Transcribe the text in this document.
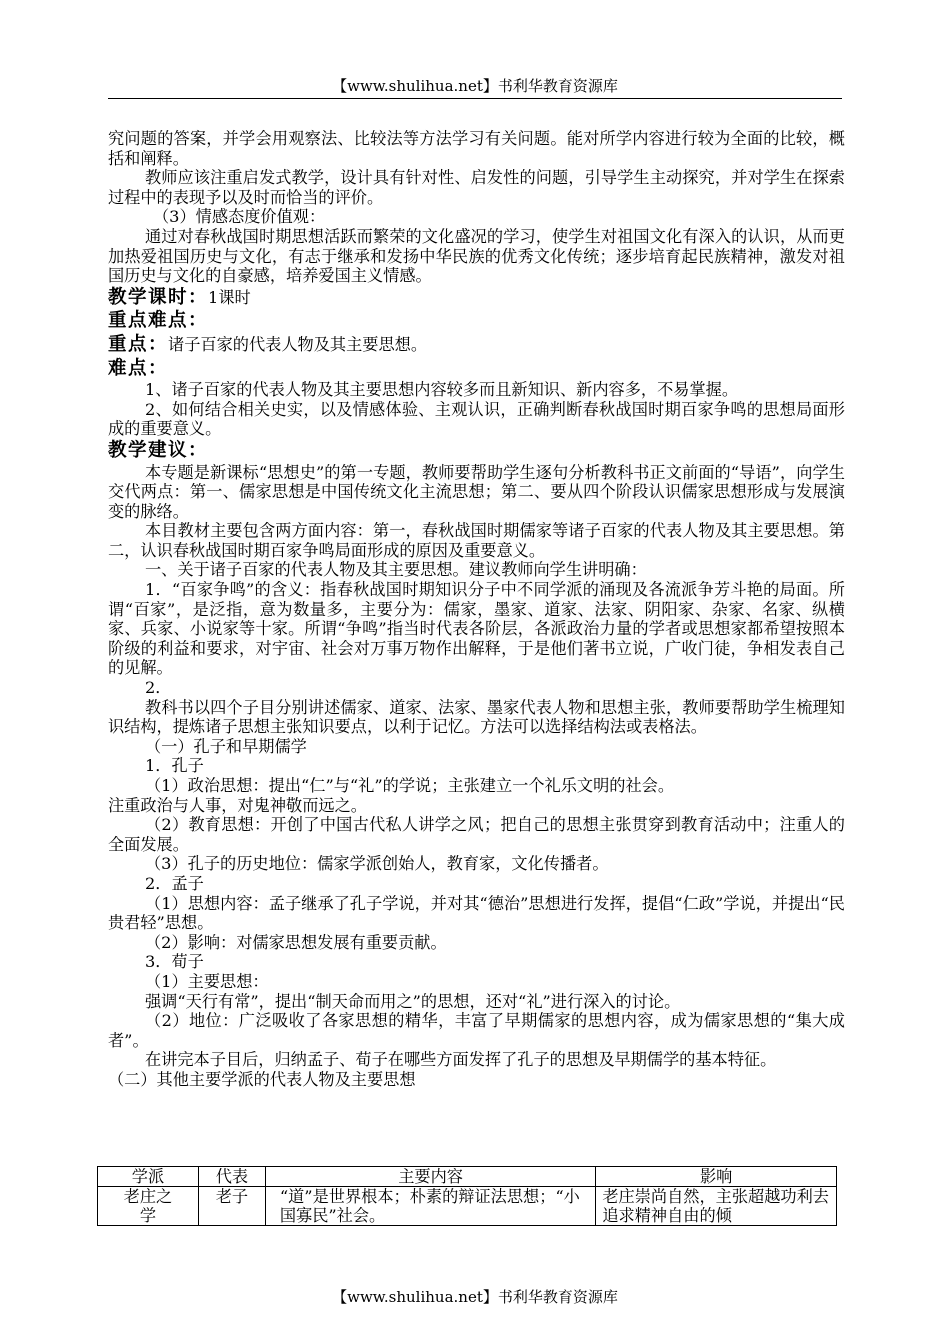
【www.shulihua.net】书利华教育资源库

究问题的答案，并学会用观察法、比较法等方法学习有关问题。能对所学内容进行较为全面的比较，概括和阐释。

教师应该注重启发式教学，设计具有针对性、启发性的问题，引导学生主动探究，并对学生在探索过程中的表现予以及时而恰当的评价。

（3）情感态度价值观：

通过对春秋战国时期思想活跃而繁荣的文化盛况的学习，使学生对祖国文化有深入的认识，从而更加热爱祖国历史与文化，有志于继承和发扬中华民族的优秀文化传统；逐步培育起民族精神，激发对祖国历史与文化的自豪感，培养爱国主义情感。

教学课时：1课时

重点难点：

重点：诸子百家的代表人物及其主要思想。

难点：

1、诸子百家的代表人物及其主要思想内容较多而且新知识、新内容多，不易掌握。

2、如何结合相关史实，以及情感体验、主观认识，正确判断春秋战国时期百家争鸣的思想局面形成的重要意义。

教学建议：

本专题是新课标“思想史”的第一专题，教师要帮助学生逐句分析教科书正文前面的“导语”，向学生交代两点：第一、儒家思想是中国传统文化主流思想；第二、要从四个阶段认识儒家思想形成与发展演变的脉络。

本目教材主要包含两方面内容：第一，春秋战国时期儒家等诸子百家的代表人物及其主要思想。第二，认识春秋战国时期百家争鸣局面形成的原因及重要意义。

一、关于诸子百家的代表人物及其主要思想。建议教师向学生讲明确：

1．“百家争鸣”的含义：指春秋战国时期知识分子中不同学派的涌现及各流派争芳斗艳的局面。所谓“百家”，是泛指，意为数量多，主要分为：儒家，墨家、道家、法家、阴阳家、杂家、名家、纵横家、兵家、小说家等十家。所谓“争鸣”指当时代表各阶层，各派政治力量的学者或思想家都希望按照本阶级的利益和要求，对宇宙、社会对万事万物作出解释，于是他们著书立说，广收门徒，争相发表自己的见解。

2．

教科书以四个子目分别讲述儒家、道家、法家、墨家代表人物和思想主张，教师要帮助学生梳理知识结构，提炼诸子思想主张知识要点，以利于记忆。方法可以选择结构法或表格法。

（一）孔子和早期儒学

1．孔子

（1）政治思想：提出“仁”与“礼”的学说；主张建立一个礼乐文明的社会。

注重政治与人事，对鬼神敬而远之。

（2）教育思想：开创了中国古代私人讲学之风；把自己的思想主张贯穿到教育活动中；注重人的全面发展。

（3）孔子的历史地位：儒家学派创始人，教育家，文化传播者。

2．孟子

（1）思想内容：孟子继承了孔子学说，并对其“德治”思想进行发挥，提倡“仁政”学说，并提出“民贵君轻”思想。

（2）影响：对儒家思想发展有重要贡献。

3．荀子

（1）主要思想：

强调“天行有常”，提出“制天命而用之”的思想，还对“礼”进行深入的讨论。

（2）地位：广泛吸收了各家思想的精华，丰富了早期儒家的思想内容，成为儒家思想的“集大成者”。

在讲完本子目后，归纳孟子、荀子在哪些方面发挥了孔子的思想及早期儒学的基本特征。

（二）其他主要学派的代表人物及主要思想

学派	代表	主要内容	影响
老庄之学	老子	“道”是世界根本；朴素的辩证法思想；“小国寡民”社会。	老庄崇尚自然，主张超越功利去追求精神自由的倾
【www.shulihua.net】书利华教育资源库
